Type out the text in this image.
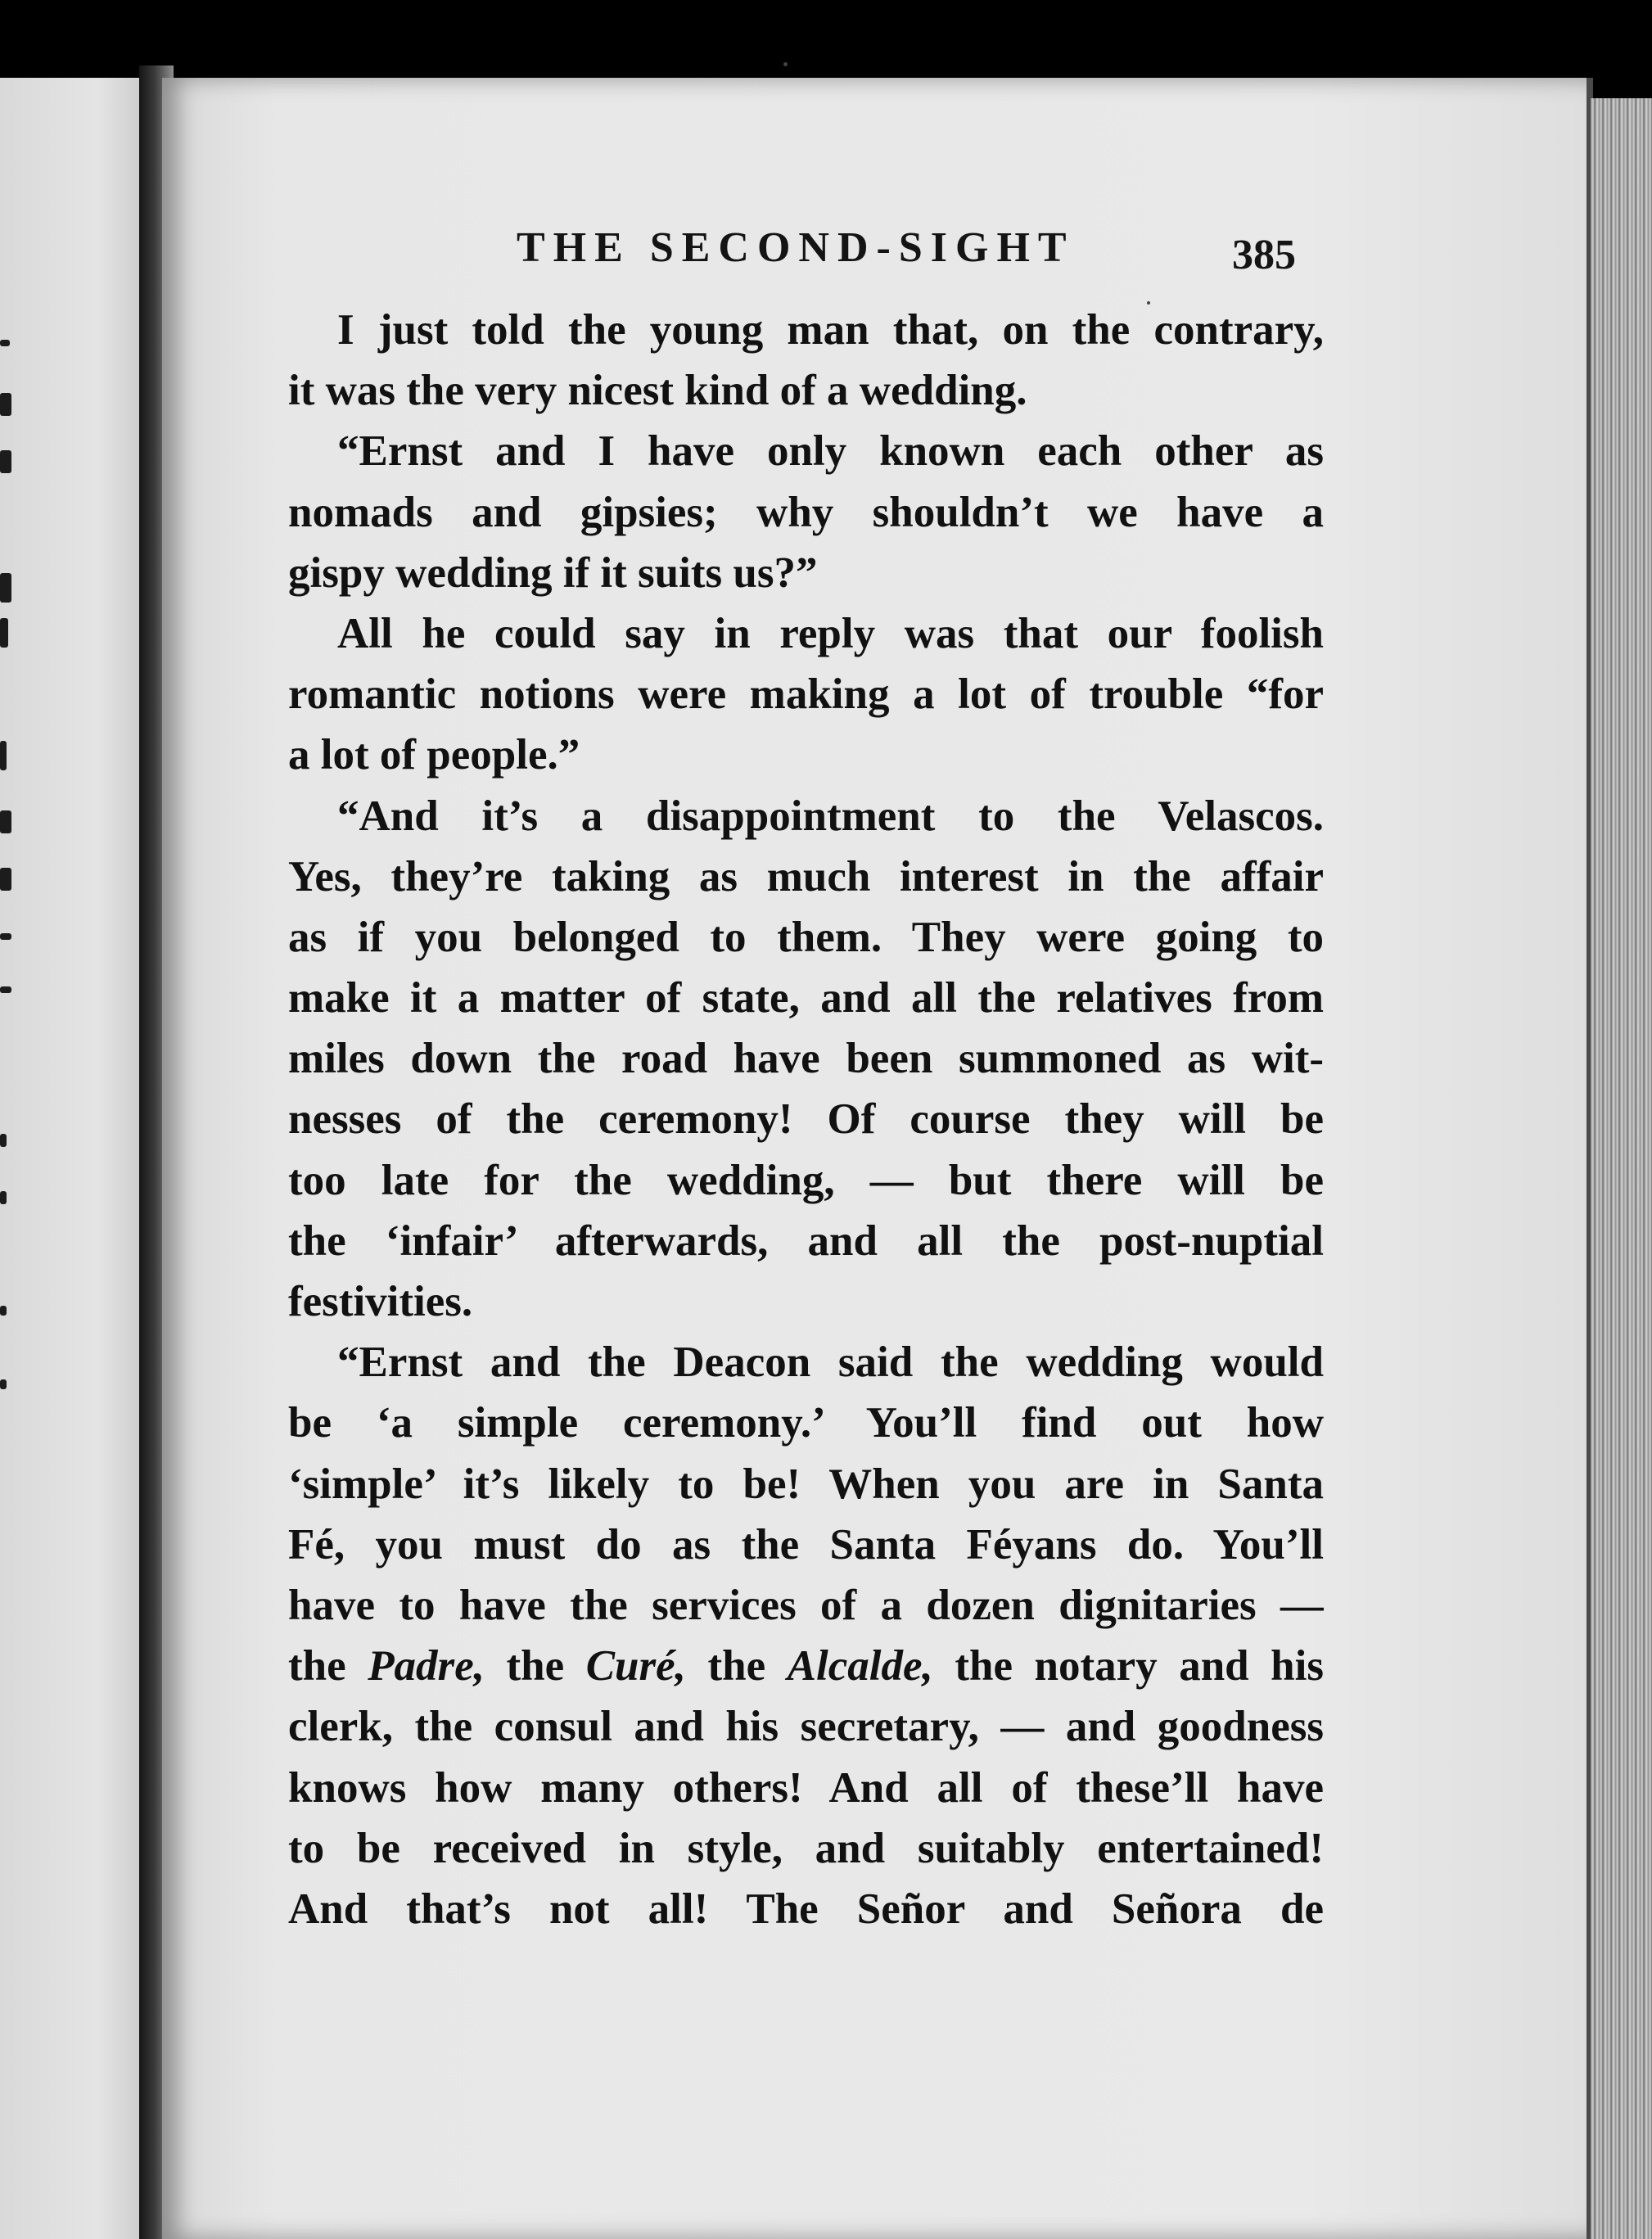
THE SECOND-SIGHT	385
I just told the young man that, on the contrary,
it was the very nicest kind of a wedding.
“Ernst and I have only known each other as
nomads and gipsies; why shouldn’t we have a
gispy wedding if it suits us?”
All he could say in reply was that our foolish
romantic notions were making a lot of trouble “for
a lot of people.”
“And it’s a disappointment to the Velascos.
Yes, they’re taking as much interest in the affair
as if you belonged to them. They were going to
make it a matter of state, and all the relatives from
miles down the road have been summoned as wit-
nesses of the ceremony! Of course they will be
too late for the wedding, — but there will be
the ‘infair’ afterwards, and all the post-nuptial
festivities.
“Ernst and the Deacon said the wedding would
be ‘a simple ceremony.’ You’ll find out how
‘simple’ it’s likely to be! When you are in Santa
Fé, you must do as the Santa Féyans do. You’ll
have to have the services of a dozen dignitaries —
the Padre, the Curé, the Alcalde, the notary and his
clerk, the consul and his secretary, — and goodness
knows how many others! And all of these’ll have
to be received in style, and suitably entertained!
And that’s not all! The Señor and Señora de
